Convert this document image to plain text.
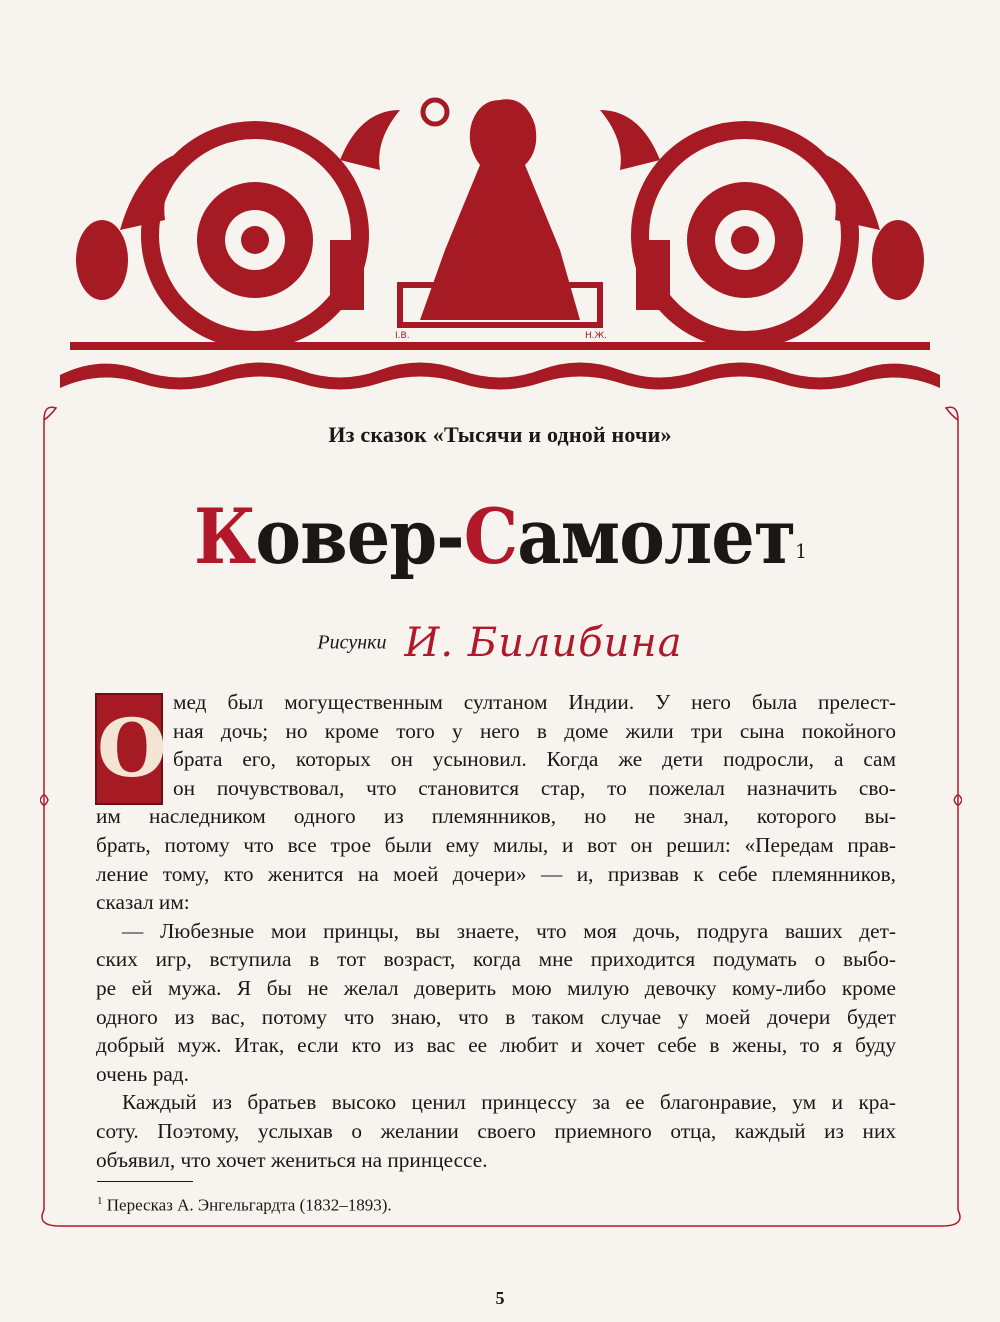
I.B.	H.Ж.
Из сказок «Тысячи и одной ночи»
Ковер-Самолет$^1$
Рисунки И. Билибина
О мед был могущественным султаном Индии. У него была прелест-
ная дочь; но кроме того у него в доме жили три сына покойного
брата его, которых он усыновил. Когда же дети подросли, а сам
он почувствовал, что становится стар, то пожелал назначить сво-
им наследником одного из племянников, но не знал, которого вы-
брать, потому что все трое были ему милы, и вот он решил: «Передам прав-
ление тому, кто женится на моей дочери» — и, призвав к себе племянников,
сказал им:
— Любезные мои принцы, вы знаете, что моя дочь, подруга ваших дет-
ских игр, вступила в тот возраст, когда мне приходится подумать о выбо-
ре ей мужа. Я бы не желал доверить мою милую девочку кому-либо кроме
одного из вас, потому что знаю, что в таком случае у моей дочери будет
добрый муж. Итак, если кто из вас ее любит и хочет себе в жены, то я буду
очень рад.
Каждый из братьев высоко ценил принцессу за ее благонравие, ум и кра-
соту. Поэтому, услыхав о желании своего приемного отца, каждый из них
объявил, что хочет жениться на принцессе.
$^1$ Пересказ А. Энгельгардта (1832–1893).
5
